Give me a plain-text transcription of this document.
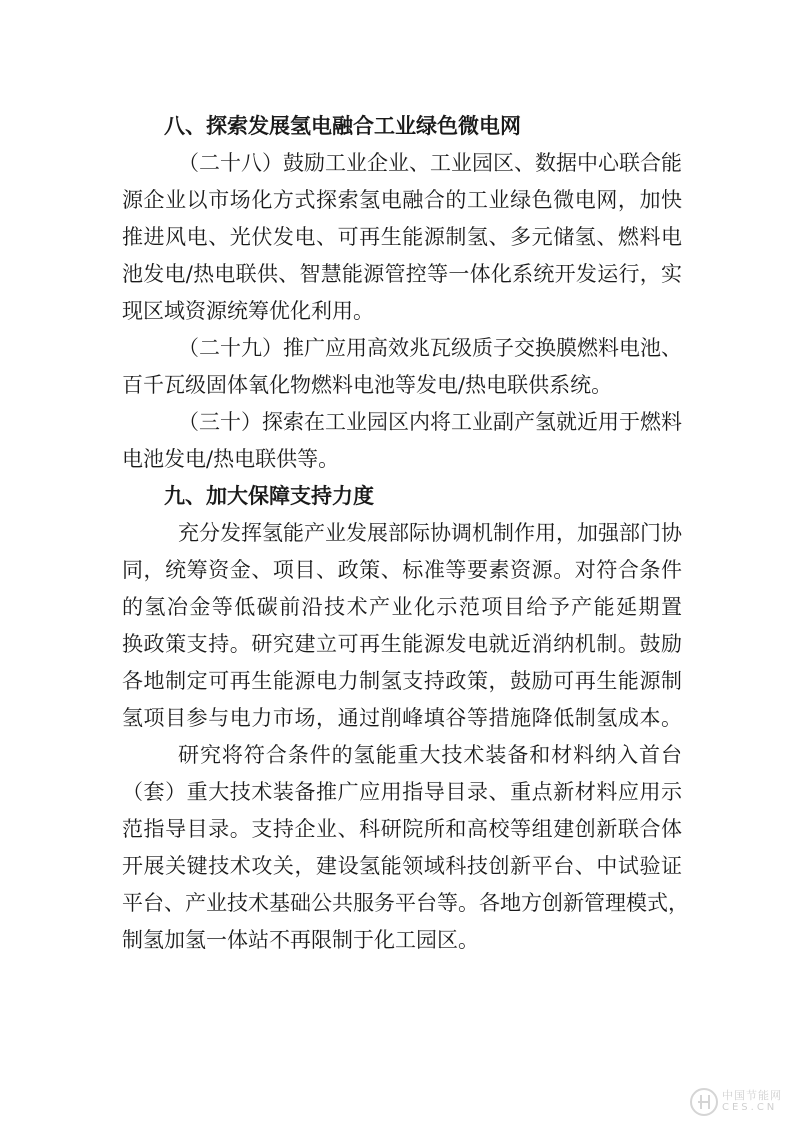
八、探索发展氢电融合工业绿色微电网
（二十八）鼓励工业企业、工业园区、数据中心联合能
源企业以市场化方式探索氢电融合的工业绿色微电网，加快
推进风电、光伏发电、可再生能源制氢、多元储氢、燃料电
池发电/热电联供、智慧能源管控等一体化系统开发运行，实
现区域资源统筹优化利用。
（二十九）推广应用高效兆瓦级质子交换膜燃料电池、
百千瓦级固体氧化物燃料电池等发电/热电联供系统。
（三十）探索在工业园区内将工业副产氢就近用于燃料
电池发电/热电联供等。
九、加大保障支持力度
充分发挥氢能产业发展部际协调机制作用，加强部门协
同，统筹资金、项目、政策、标准等要素资源。对符合条件
的氢冶金等低碳前沿技术产业化示范项目给予产能延期置
换政策支持。研究建立可再生能源发电就近消纳机制。鼓励
各地制定可再生能源电力制氢支持政策，鼓励可再生能源制
氢项目参与电力市场，通过削峰填谷等措施降低制氢成本。
研究将符合条件的氢能重大技术装备和材料纳入首台
（套）重大技术装备推广应用指导目录、重点新材料应用示
范指导目录。支持企业、科研院所和高校等组建创新联合体
开展关键技术攻关，建设氢能领域科技创新平台、中试验证
平台、产业技术基础公共服务平台等。各地方创新管理模式，
制氢加氢一体站不再限制于化工园区。
中国节能网
CES.CN
